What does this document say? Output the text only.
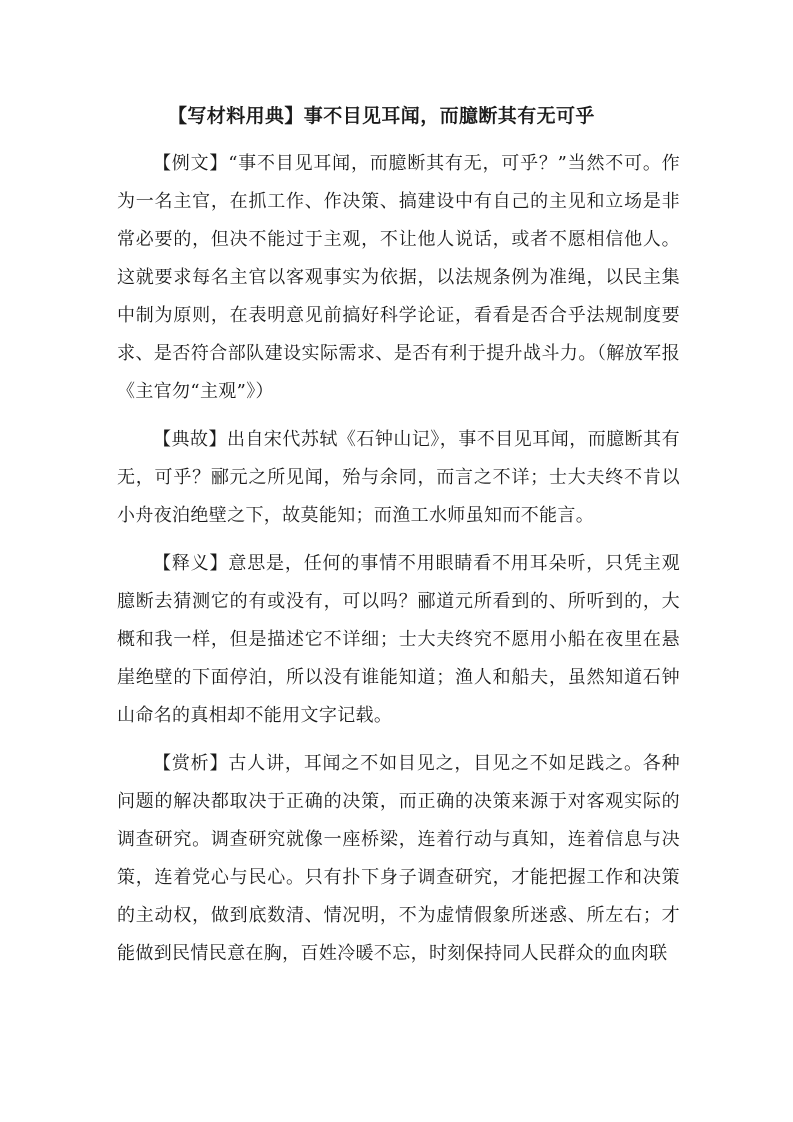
【写材料用典】事不目见耳闻，而臆断其有无可乎

【例文】“事不目见耳闻，而臆断其有无，可乎？”当然不可。作为一名主官，在抓工作、作决策、搞建设中有自己的主见和立场是非常必要的，但决不能过于主观，不让他人说话，或者不愿相信他人。这就要求每名主官以客观事实为依据，以法规条例为准绳，以民主集中制为原则，在表明意见前搞好科学论证，看看是否合乎法规制度要求、是否符合部队建设实际需求、是否有利于提升战斗力。（解放军报《主官勿“主观”》）

【典故】出自宋代苏轼《石钟山记》，事不目见耳闻，而臆断其有无，可乎？郦元之所见闻，殆与余同，而言之不详；士大夫终不肯以小舟夜泊绝壁之下，故莫能知；而渔工水师虽知而不能言。

【释义】意思是，任何的事情不用眼睛看不用耳朵听，只凭主观臆断去猜测它的有或没有，可以吗？郦道元所看到的、所听到的，大概和我一样，但是描述它不详细；士大夫终究不愿用小船在夜里在悬崖绝壁的下面停泊，所以没有谁能知道；渔人和船夫，虽然知道石钟山命名的真相却不能用文字记载。

【赏析】古人讲，耳闻之不如目见之，目见之不如足践之。各种问题的解决都取决于正确的决策，而正确的决策来源于对客观实际的调查研究。调查研究就像一座桥梁，连着行动与真知，连着信息与决策，连着党心与民心。只有扑下身子调查研究，才能把握工作和决策的主动权，做到底数清、情况明，不为虚情假象所迷惑、所左右；才能做到民情民意在胸，百姓冷暖不忘，时刻保持同人民群众的血肉联
